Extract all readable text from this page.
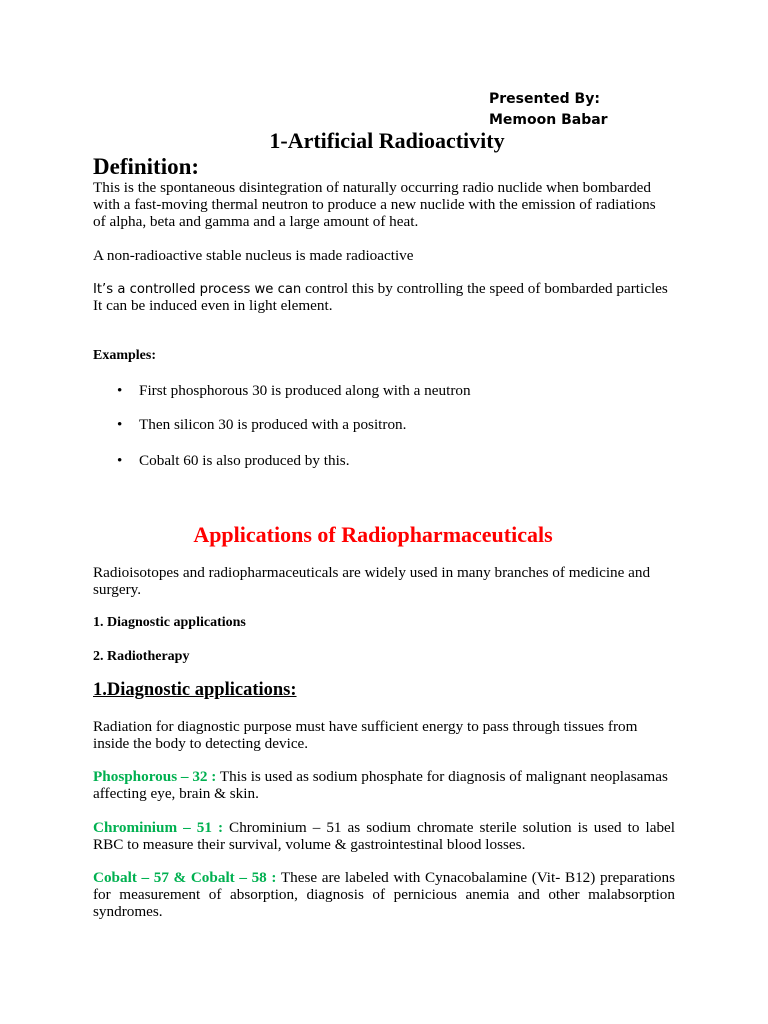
Presented By:
Memoon Babar
1-Artificial Radioactivity
Definition:
This is the spontaneous disintegration of naturally occurring radio nuclide when bombarded with a fast-moving thermal neutron to produce a new nuclide with the emission of radiations of alpha, beta and gamma and a large amount of heat.
A non-radioactive stable nucleus is made radioactive
It’s a controlled process we can control this by controlling the speed of bombarded particles
It can be induced even in light element.
Examples:
• First phosphorous 30 is produced along with a neutron
• Then silicon 30 is produced with a positron.
• Cobalt 60 is also produced by this.
Applications of Radiopharmaceuticals
Radioisotopes and radiopharmaceuticals are widely used in many branches of medicine and surgery.
1. Diagnostic applications
2. Radiotherapy
1.Diagnostic applications:
Radiation for diagnostic purpose must have sufficient energy to pass through tissues from inside the body to detecting device.
Phosphorous – 32 : This is used as sodium phosphate for diagnosis of malignant neoplasamas affecting eye, brain & skin.
Chrominium – 51 : Chrominium – 51 as sodium chromate sterile solution is used to label RBC to measure their survival, volume & gastrointestinal blood losses.
Cobalt – 57 & Cobalt – 58 : These are labeled with Cynacobalamine (Vit- B12) preparations for measurement of absorption, diagnosis of pernicious anemia and other malabsorption syndromes.
